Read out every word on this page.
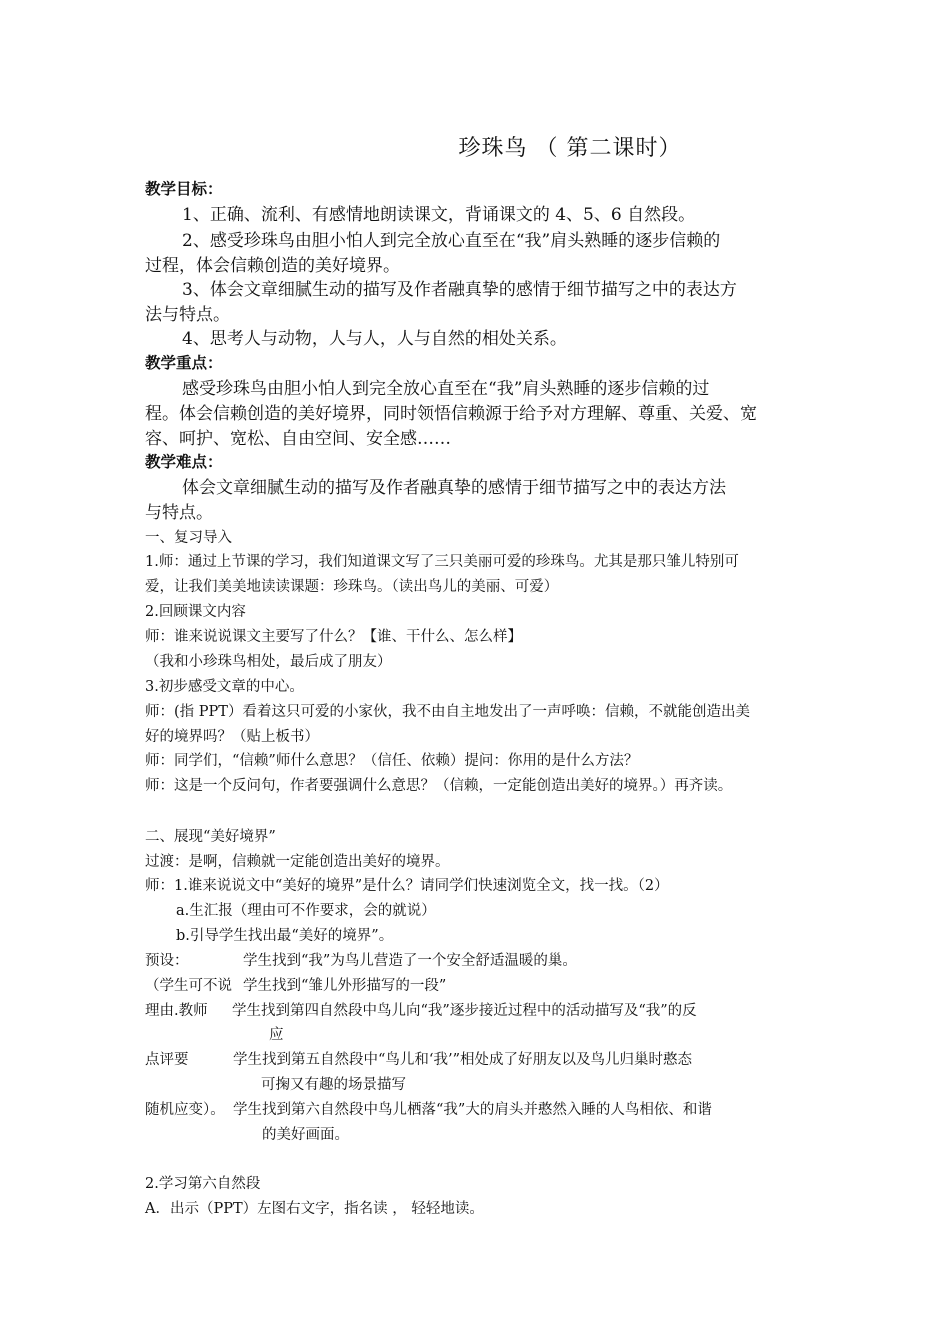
珍珠鸟 （ 第二课时）
教学目标：
1、正确、流利、有感情地朗读课文，背诵课文的 4、5、6 自然段。
2、感受珍珠鸟由胆小怕人到完全放心直至在“我”肩头熟睡的逐步信赖的
过程，体会信赖创造的美好境界。
3、体会文章细腻生动的描写及作者融真挚的感情于细节描写之中的表达方
法与特点。
4、思考人与动物，人与人，人与自然的相处关系。
教学重点：
感受珍珠鸟由胆小怕人到完全放心直至在“我”肩头熟睡的逐步信赖的过
程。体会信赖创造的美好境界，同时领悟信赖源于给予对方理解、尊重、关爱、宽
容、呵护、宽松、自由空间、安全感……
教学难点：
体会文章细腻生动的描写及作者融真挚的感情于细节描写之中的表达方法
与特点。
一、复习导入
1.师：通过上节课的学习，我们知道课文写了三只美丽可爱的珍珠鸟。尤其是那只雏儿特别可
爱，让我们美美地读读课题：珍珠鸟。（读出鸟儿的美丽、可爱）
2.回顾课文内容
师：谁来说说课文主要写了什么？【谁、干什么、怎么样】
（我和小珍珠鸟相处，最后成了朋友）
3.初步感受文章的中心。
师：(指 PPT）看着这只可爱的小家伙，我不由自主地发出了一声呼唤：信赖，不就能创造出美
好的境界吗？（贴上板书）
师：同学们，“信赖”师什么意思？（信任、依赖）提问：你用的是什么方法？
师：这是一个反问句，作者要强调什么意思？（信赖，一定能创造出美好的境界。）再齐读。
二、展现“美好境界”
过渡：是啊，信赖就一定能创造出美好的境界。
师：1.谁来说说文中“美好的境界”是什么？请同学们快速浏览全文，找一找。（2）
a.生汇报（理由可不作要求，会的就说）
b.引导学生找出最“美好的境界”。
预设：	学生找到“我”为鸟儿营造了一个安全舒适温暖的巢。
（学生可不说 学生找到“雏儿外形描写的一段”
理由.教师 学生找到第四自然段中鸟儿向“我”逐步接近过程中的活动描写及“我”的反
应
点评要	学生找到第五自然段中“鸟儿和‘我’”相处成了好朋友以及鸟儿归巢时憨态
可掬又有趣的场景描写
随机应变）。 学生找到第六自然段中鸟儿栖落“我”大的肩头并憨然入睡的人鸟相依、和谐
的美好画面。
2.学习第六自然段
A．出示（PPT）左图右文字，指名读 ， 轻轻地读。
